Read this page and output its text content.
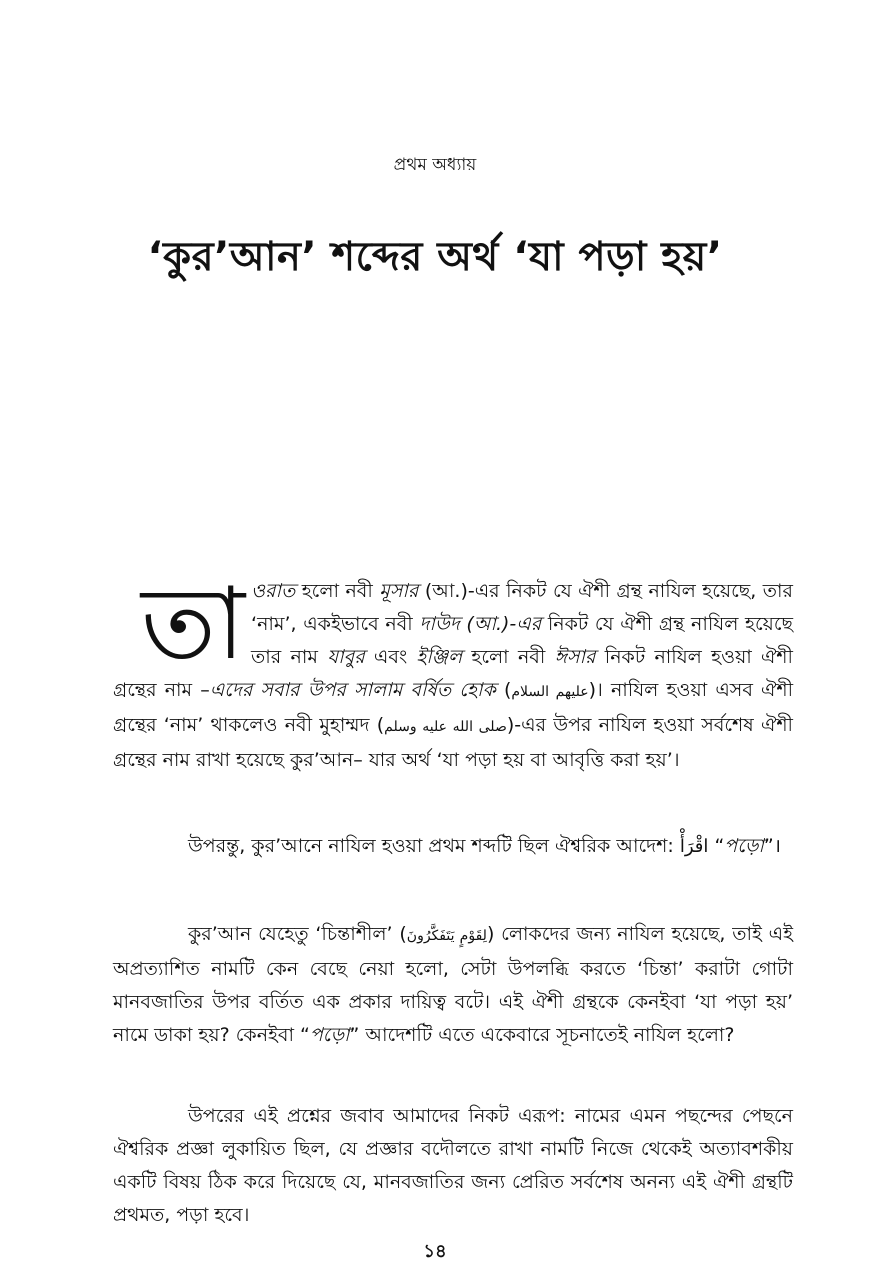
প্রথম অধ্যায়
‘কুর’আন’ শব্দের অর্থ ‘যা পড়া হয়’
তাওরাত হলো নবী মূসার (আ.)-এর নিকট যে ঐশী গ্রন্থ নাযিল হয়েছে, তার ‘নাম’, একইভাবে নবী দাউদ (আ.)-এর নিকট যে ঐশী গ্রন্থ নাযিল হয়েছে তার নাম যাবুর এবং ইঞ্জিল হলো নবী ঈসার নিকট নাযিল হওয়া ঐশী গ্রন্থের নাম –এদের সবার উপর সালাম বর্ষিত হোক (عليهم السلام)। নাযিল হওয়া এসব ঐশী গ্রন্থের ‘নাম’ থাকলেও নবী মুহাম্মদ (صلى الله عليه وسلم)-এর উপর নাযিল হওয়া সর্বশেষ ঐশী গ্রন্থের নাম রাখা হয়েছে কুর’আন– যার অর্থ ‘যা পড়া হয় বা আবৃত্তি করা হয়’।

উপরন্তু, কুর’আনে নাযিল হওয়া প্রথম শব্দটি ছিল ঐশ্বরিক আদেশ: اقْرَأْ “পড়ো”।

কুর’আন যেহেতু ‘চিন্তাশীল’ (لِقَوْمٍ يَتَفَكَّرُونَ) লোকদের জন্য নাযিল হয়েছে, তাই এই অপ্রত্যাশিত নামটি কেন বেছে নেয়া হলো, সেটা উপলব্ধি করতে ‘চিন্তা’ করাটা গোটা মানবজাতির উপর বর্তিত এক প্রকার দায়িত্ব বটে। এই ঐশী গ্রন্থকে কেনইবা ‘যা পড়া হয়’ নামে ডাকা হয়? কেনইবা “পড়ো” আদেশটি এতে একেবারে সূচনাতেই নাযিল হলো?

উপরের এই প্রশ্নের জবাব আমাদের নিকট এরূপ: নামের এমন পছন্দের পেছনে ঐশ্বরিক প্রজ্ঞা লুকায়িত ছিল, যে প্রজ্ঞার বদৌলতে রাখা নামটি নিজে থেকেই অত্যাবশকীয় একটি বিষয় ঠিক করে দিয়েছে যে, মানবজাতির জন্য প্রেরিত সর্বশেষ অনন্য এই ঐশী গ্রন্থটি প্রথমত, পড়া হবে।

১৪
